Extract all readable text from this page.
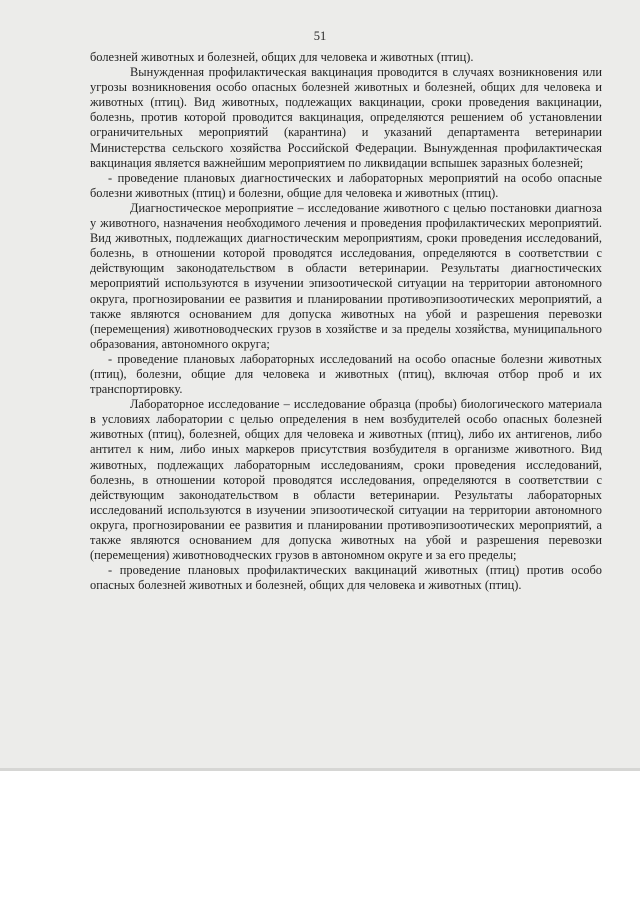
51

болезней животных и болезней, общих для человека и животных (птиц).

Вынужденная профилактическая вакцинация проводится в случаях возникновения или угрозы возникновения особо опасных болезней животных и болезней, общих для человека и животных (птиц). Вид животных, подлежащих вакцинации, сроки проведения вакцинации, болезнь, против которой проводится вакцинация, определяются решением об установлении ограничительных мероприятий (карантина) и указаний департамента ветеринарии Министерства сельского хозяйства Российской Федерации. Вынужденная профилактическая вакцинация является важнейшим мероприятием по ликвидации вспышек заразных болезней;

- проведение плановых диагностических и лабораторных мероприятий на особо опасные болезни животных (птиц) и болезни, общие для человека и животных (птиц).

Диагностическое мероприятие – исследование животного с целью постановки диагноза у животного, назначения необходимого лечения и проведения профилактических мероприятий. Вид животных, подлежащих диагностическим мероприятиям, сроки проведения исследований, болезнь, в отношении которой проводятся исследования, определяются в соответствии с действующим законодательством в области ветеринарии. Результаты диагностических мероприятий используются в изучении эпизоотической ситуации на территории автономного округа, прогнозировании ее развития и планировании противоэпизоотических мероприятий, а также являются основанием для допуска животных на убой и разрешения перевозки (перемещения) животноводческих грузов в хозяйстве и за пределы хозяйства, муниципального образования, автономного округа;

- проведение плановых лабораторных исследований на особо опасные болезни животных (птиц), болезни, общие для человека и животных (птиц), включая отбор проб и их транспортировку.

Лабораторное исследование – исследование образца (пробы) биологического материала в условиях лаборатории с целью определения в нем возбудителей особо опасных болезней животных (птиц), болезней, общих для человека и животных (птиц), либо их антигенов, либо антител к ним, либо иных маркеров присутствия возбудителя в организме животного. Вид животных, подлежащих лабораторным исследованиям, сроки проведения исследований, болезнь, в отношении которой проводятся исследования, определяются в соответствии с действующим законодательством в области ветеринарии. Результаты лабораторных исследований используются в изучении эпизоотической ситуации на территории автономного округа, прогнозировании ее развития и планировании противоэпизоотических мероприятий, а также являются основанием для допуска животных на убой и разрешения перевозки (перемещения) животноводческих грузов в автономном округе и за его пределы;

- проведение плановых профилактических вакцинаций животных (птиц) против особо опасных болезней животных и болезней, общих для человека и животных (птиц).
